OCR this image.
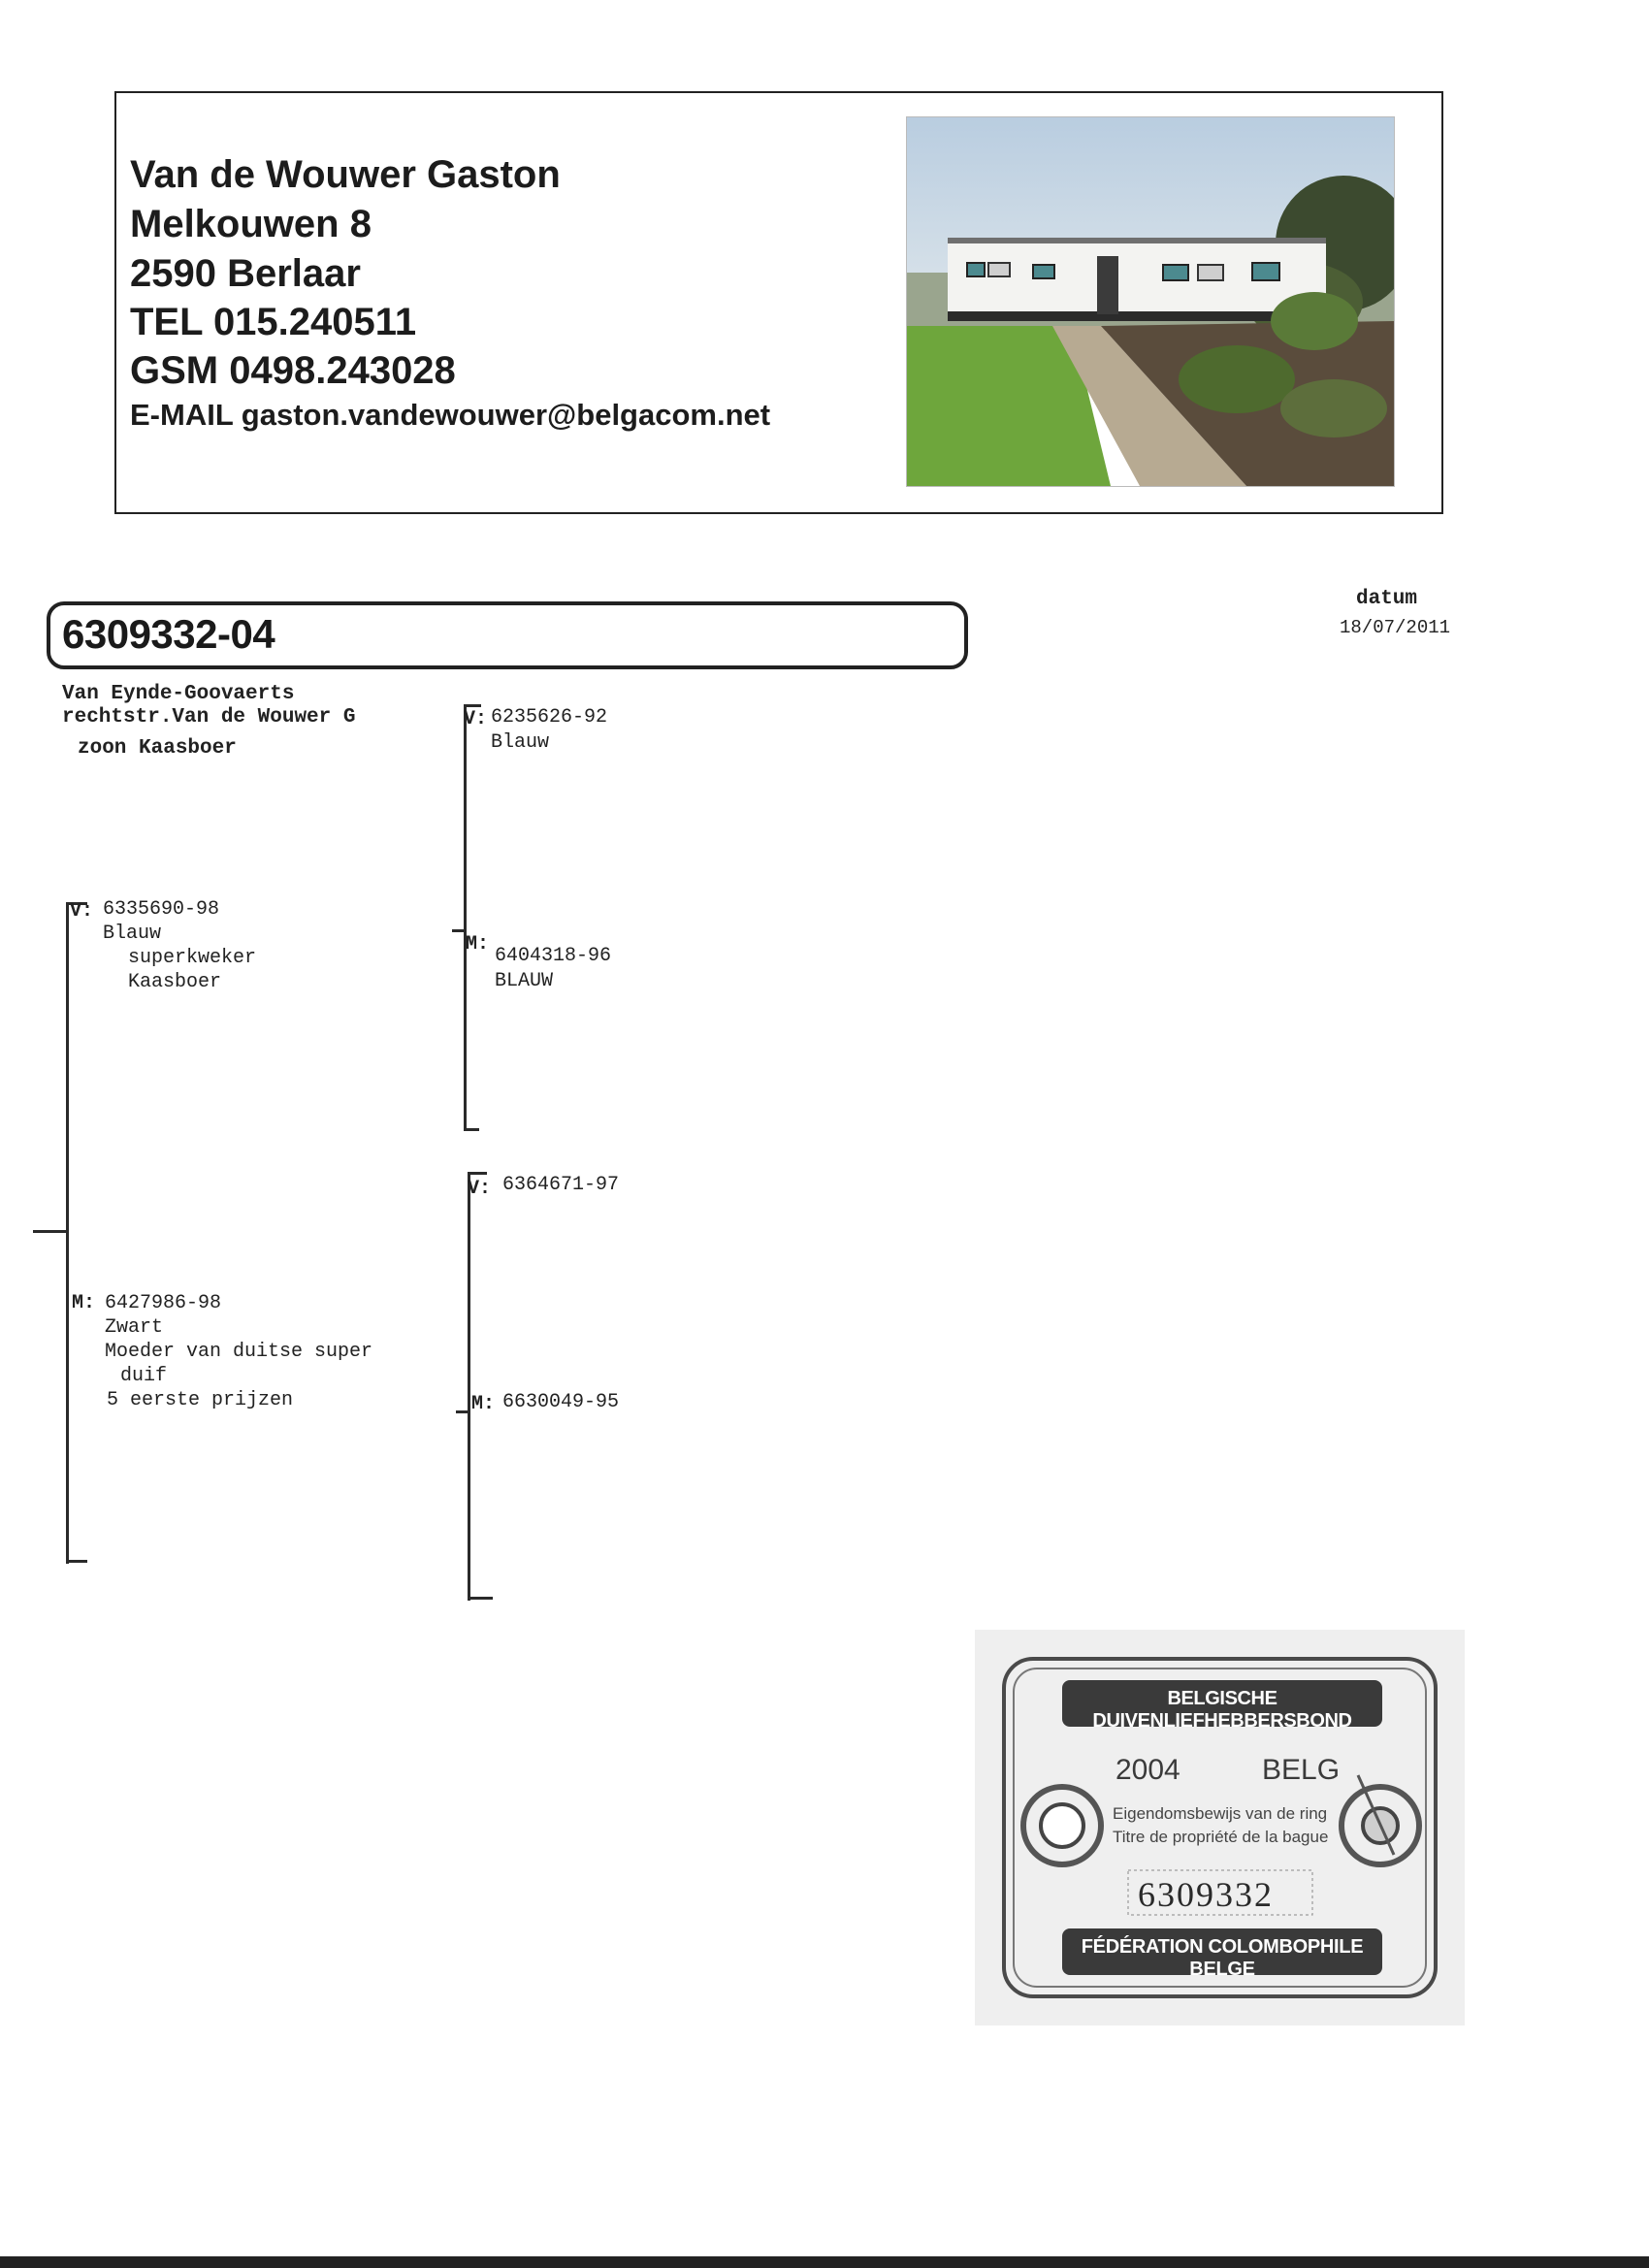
Van de Wouwer Gaston
Melkouwen 8
2590 Berlaar
TEL 015.240511
GSM 0498.243028
E-MAIL gaston.vandewouwer@belgacom.net
datum
18/07/2011
6309332-04
Van Eynde-Goovaerts
rechtstr.Van de Wouwer G
zoon Kaasboer
V: 6335690-98
Blauw
superkweker
Kaasboer
M: 6427986-98
Zwart
Moeder van duitse super
duif
5 eerste prijzen
V: 6235626-92
Blauw
M:
6404318-96
BLAUW
V: 6364671-97
M: 6630049-95
BELGISCHE DUIVENLIEFHEBBERSBOND
2004	BELG
Eigendomsbewijs van de ring
Titre de propriété de la bague
6309332
FÉDÉRATION COLOMBOPHILE BELGE
